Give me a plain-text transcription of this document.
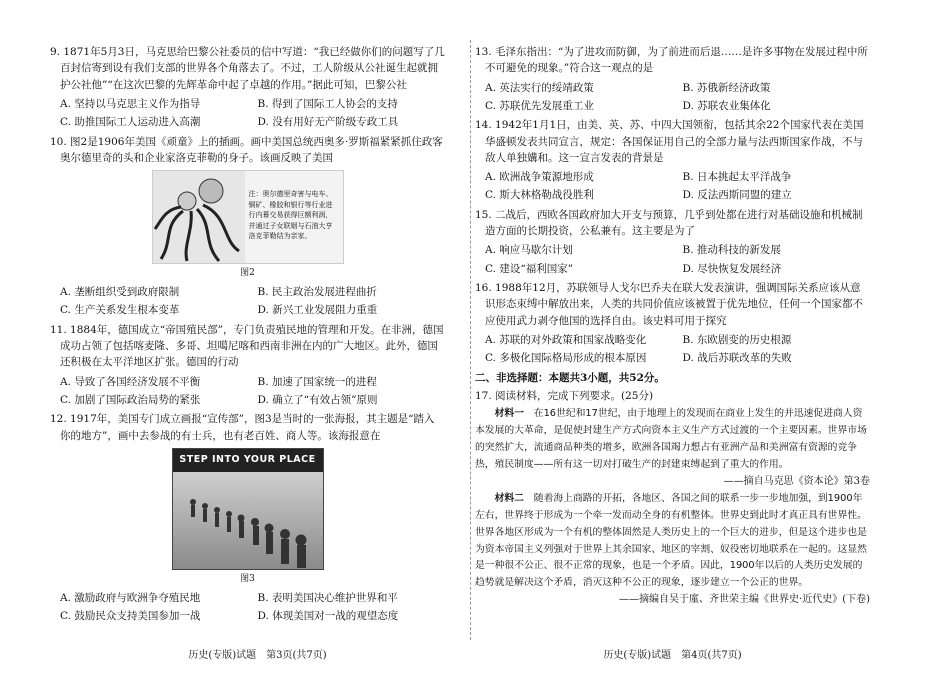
9. 1871年5月3日，马克思给巴黎公社委员的信中写道：“我已经做你们的问题写了几百封信寄到设有我们支部的世界各个角落去了。不过，工人阶级从公社诞生起就拥护公社他”“在这次巴黎的先辉革命中起了卓越的作用。”据此可知，巴黎公社

A. 坚持以马克思主义作为指导	B. 得到了国际工人协会的支持
C. 助推国际工人运动进入高潮	D. 没有用好无产阶级专政工具

10. 图2是1906年美国《顽童》上的插画。画中美国总统西奥多·罗斯福紧紧抓住政客奥尔德里奇的头和企业家洛克菲勒的身子。该画反映了美国

注：奥尔德里奇害与电车、铜矿、橡胶和银行等行业进行内幕交易获得巨额利润，并通过子女联姻与石油大亨洛克菲勒结为亲家。
图2
A. 垄断组织受到政府限制	B. 民主政治发展进程曲折
C. 生产关系发生根本变革	D. 新兴工业发展阻力重重

11. 1884年，德国成立“帝国殖民部”，专门负责殖民地的管理和开发。在非洲，德国成功占领了包括喀麦隆、多哥、坦噶尼喀和西南非洲在内的广大地区。此外，德国还积极在太平洋地区扩张。德国的行动

A. 导致了各国经济发展不平衡	B. 加速了国家统一的进程
C. 加剧了国际政治局势的紧张	D. 确立了“有效占领”原则

12. 1917年，美国专门成立画报“宣传部”，图3是当时的一张海报，其主题是“踏入你的地方”，画中去参战的有士兵，也有老百姓、商人等。该海报意在

STEP INTO YOUR PLACE
图3
A. 激励政府与欧洲争夺殖民地	B. 表明美国决心维护世界和平
C. 鼓励民众支持美国参加一战	D. 体现美国对一战的观望态度
历史(专版)试题　第3页(共7页)

13. 毛泽东指出：“为了进攻而防御，为了前进而后退……是许多事物在发展过程中所不可避免的现象。”符合这一观点的是

A. 英法实行的绥靖政策	B. 苏俄新经济政策
C. 苏联优先发展重工业	D. 苏联农业集体化

14. 1942年1月1日，由美、英、苏、中四大国领衔，包括其余22个国家代表在美国华盛顿发表共同宣言，规定：各国保证用自己的全部力量与法西斯国家作战，不与敌人单独媾和。这一宣言发表的背景是

A. 欧洲战争策源地形成	B. 日本挑起太平洋战争
C. 斯大林格勒战役胜利	D. 反法西斯同盟的建立

15. 二战后，西欧各国政府加大开支与预算，几乎到处都在进行对基础设施和机械制造方面的长期投资，公私兼有。这主要是为了

A. 响应马歇尔计划	B. 推动科技的新发展
C. 建设“福利国家”	D. 尽快恢复发展经济

16. 1988年12月，苏联领导人戈尔巴乔夫在联大发表演讲，强调国际关系应该从意识形态束缚中解放出来，人类的共同价值应该被置于优先地位，任何一个国家都不应使用武力剥夺他国的选择自由。该史料可用于探究

A. 苏联的对外政策和国家战略变化	B. 东欧剧变的历史根源
C. 多极化国际格局形成的根本原因	D. 战后苏联改革的失败
二、非选择题：本题共3小题，共52分。

17. 阅读材料，完成下列要求。(25分)

材料一　 在16世纪和17世纪，由于地理上的发现而在商业上发生的并迅速促进商人资本发展的大革命，是促使封建生产方式向资本主义生产方式过渡的一个主要因素。世界市场的突然扩大，流通商品种类的增多，欧洲各国竭力想占有亚洲产品和美洲富有资源的竞争热，殖民制度——所有这一切对打破生产的封建束缚起到了重大的作用。

——摘自马克思《资本论》第3卷

材料二　 随着海上商路的开拓，各地区、各国之间的联系一步一步地加强，到1900年左右，世界终于形成为一个牵一发而动全身的有机整体。世界史到此时才真正具有世界性。世界各地区形成为一个有机的整体固然是人类历史上的一个巨大的进步，但是这个进步也是为资本帝国主义列强对于世界上其余国家、地区的宰割、奴役密切地联系在一起的。这显然是一种很不公正、很不正常的现象，也是一个矛盾。因此，1900年以后的人类历史发展的趋势就是解决这个矛盾，消灭这种不公正的现象，逐步建立一个公正的世界。

——摘编自吴于廑、齐世荣主编《世界史·近代史》(下卷)

历史(专版)试题　第4页(共7页)
